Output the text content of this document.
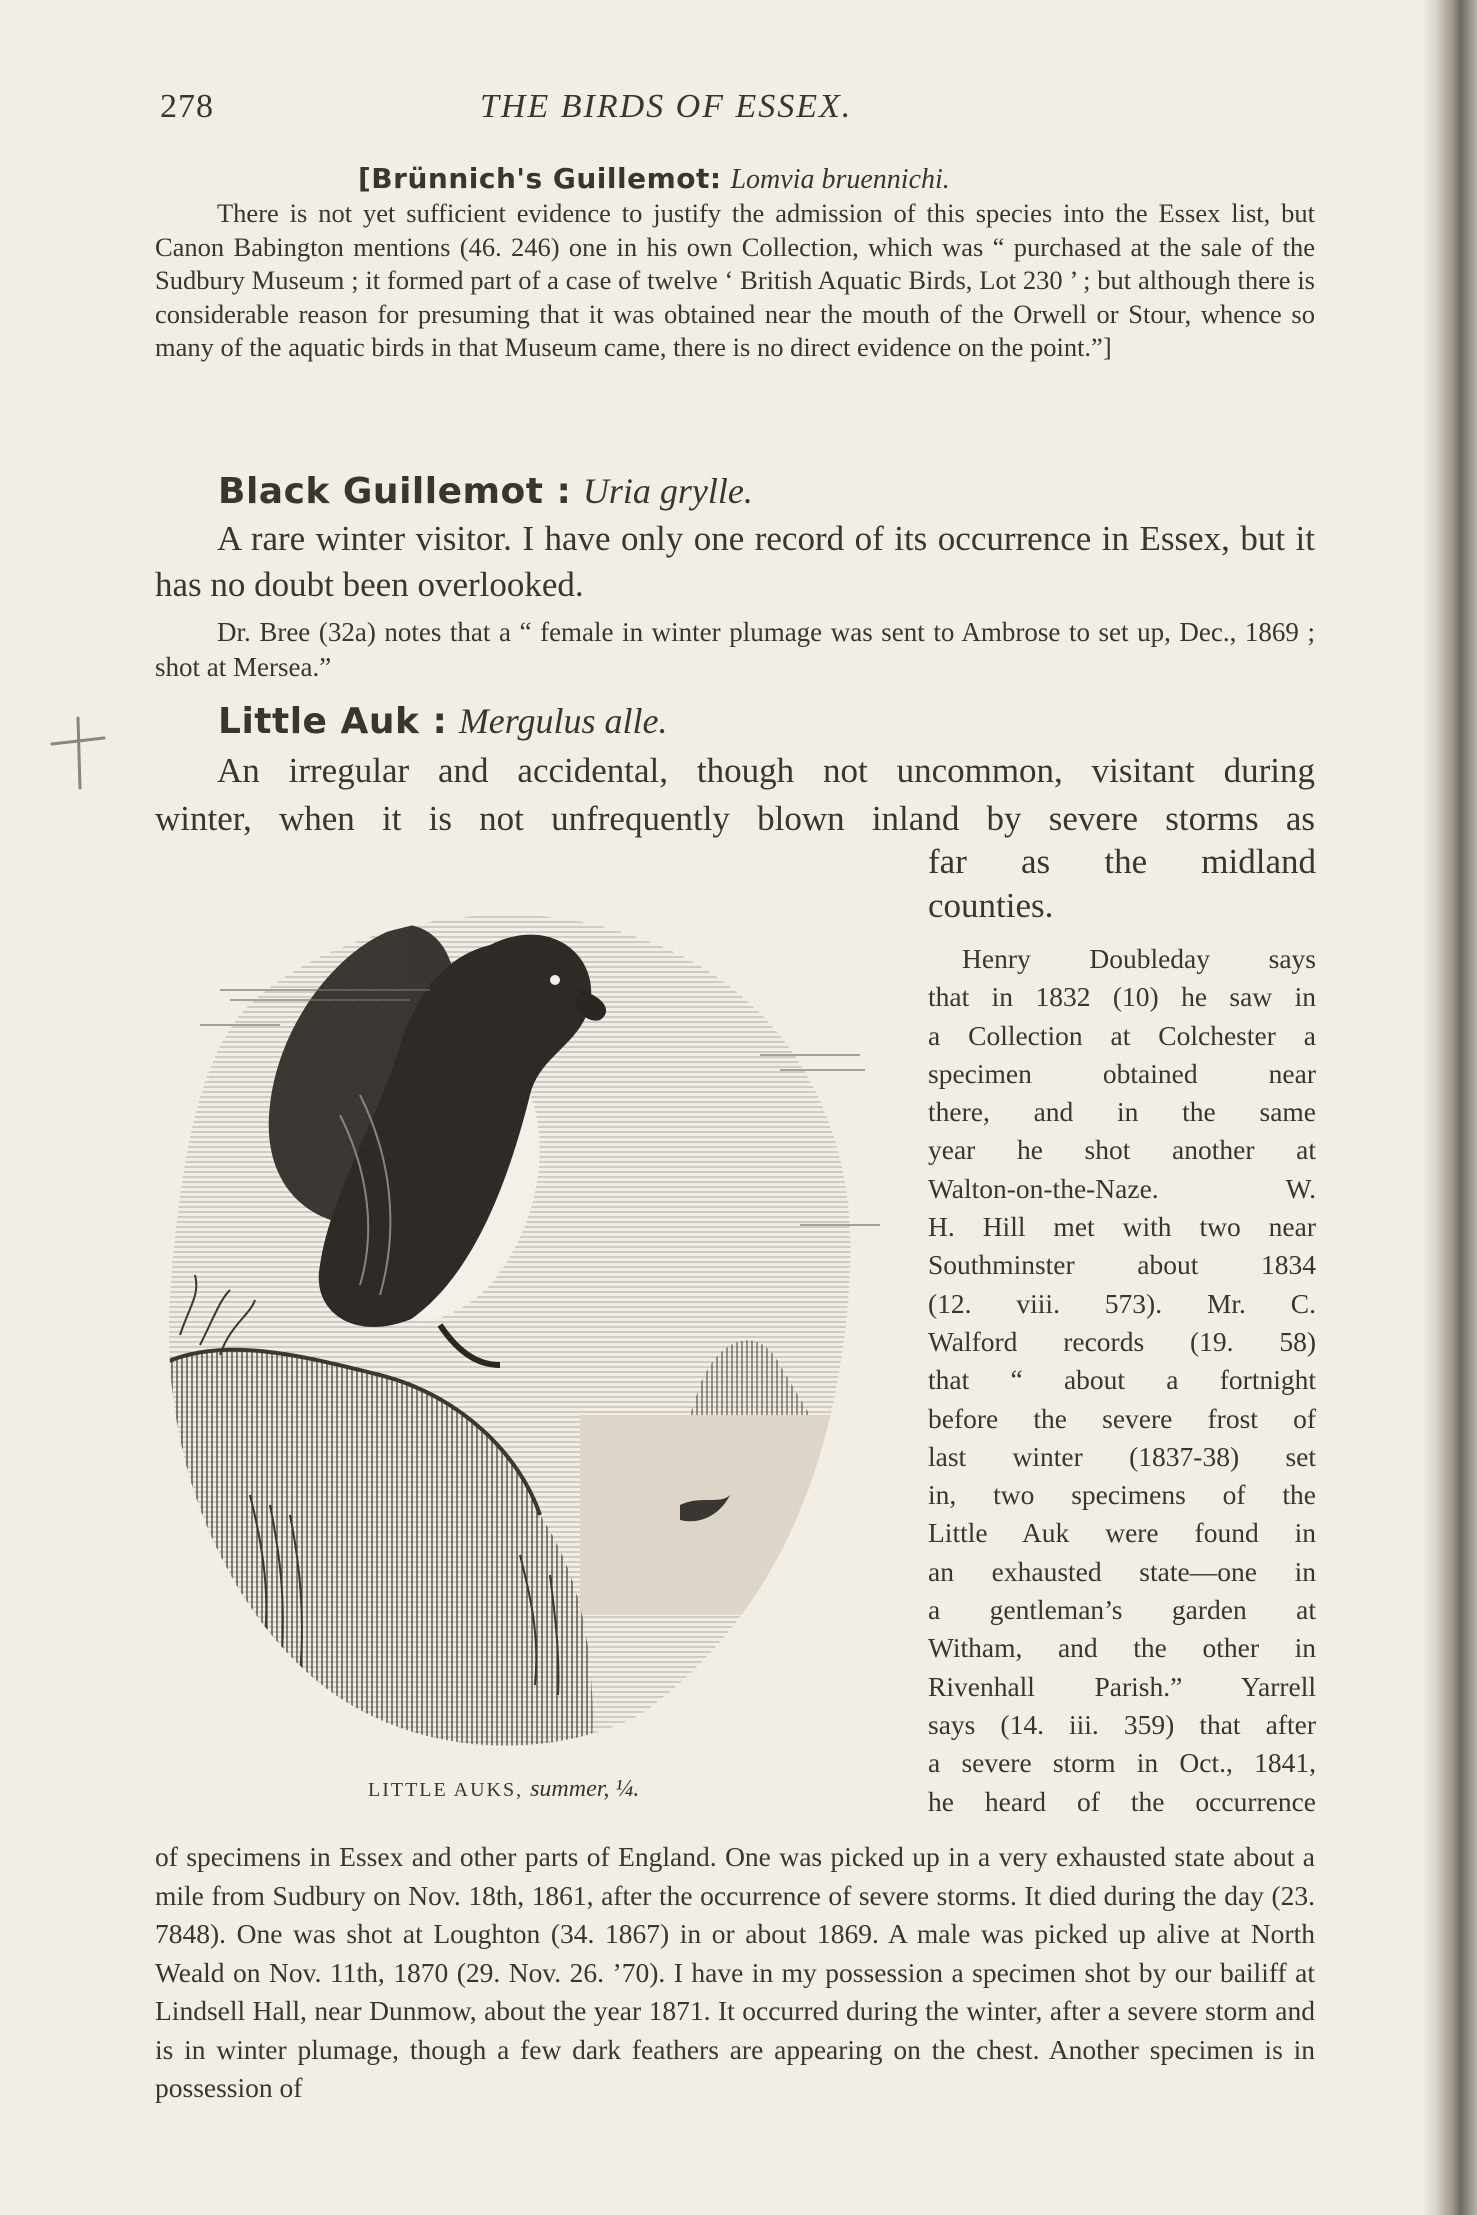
278	THE BIRDS OF ESSEX.
[Brünnich's Guillemot: Lomvia bruennichi.
There is not yet sufficient evidence to justify the admission of this species into the Essex list, but Canon Babington mentions (46. 246) one in his own Collection, which was “ purchased at the sale of the Sudbury Museum ; it formed part of a case of twelve ‘ British Aquatic Birds, Lot 230 ’ ; but although there is considerable reason for presuming that it was obtained near the mouth of the Orwell or Stour, whence so many of the aquatic birds in that Museum came, there is no direct evidence on the point.”]
Black Guillemot : Uria grylle.
A rare winter visitor. I have only one record of its occurrence in Essex, but it has no doubt been overlooked.
Dr. Bree (32a) notes that a “ female in winter plumage was sent to Ambrose to set up, Dec., 1869 ; shot at Mersea.”
Little Auk : Mergulus alle.
An irregular and accidental, though not uncommon, visitant during
winter, when it is not unfrequently blown inland by severe storms as
far as the midland
counties.
Henry Doubleday says
that in 1832 (10) he saw in
a Collection at Colchester a
specimen obtained near
there, and in the same
year he shot another at
Walton-on-the-Naze. W.
H. Hill met with two near
Southminster about 1834
(12. viii. 573). Mr. C.
Walford records (19. 58)
that “ about a fortnight
before the severe frost of
last winter (1837-38) set
in, two specimens of the
Little Auk were found in
an exhausted state—one in
a gentleman’s garden at
Witham, and the other in
Rivenhall Parish.” Yarrell
says (14. iii. 359) that after
a severe storm in Oct., 1841,
he heard of the occurrence
LITTLE AUKS, summer, ¼.
of specimens in Essex and other parts of England. One was picked up in a very exhausted state about a mile from Sudbury on Nov. 18th, 1861, after the occurrence of severe storms. It died during the day (23. 7848). One was shot at Loughton (34. 1867) in or about 1869. A male was picked up alive at North Weald on Nov. 11th, 1870 (29. Nov. 26. ’70). I have in my possession a specimen shot by our bailiff at Lindsell Hall, near Dunmow, about the year 1871. It occurred during the winter, after a severe storm and is in winter plumage, though a few dark feathers are appearing on the chest. Another specimen is in possession of
